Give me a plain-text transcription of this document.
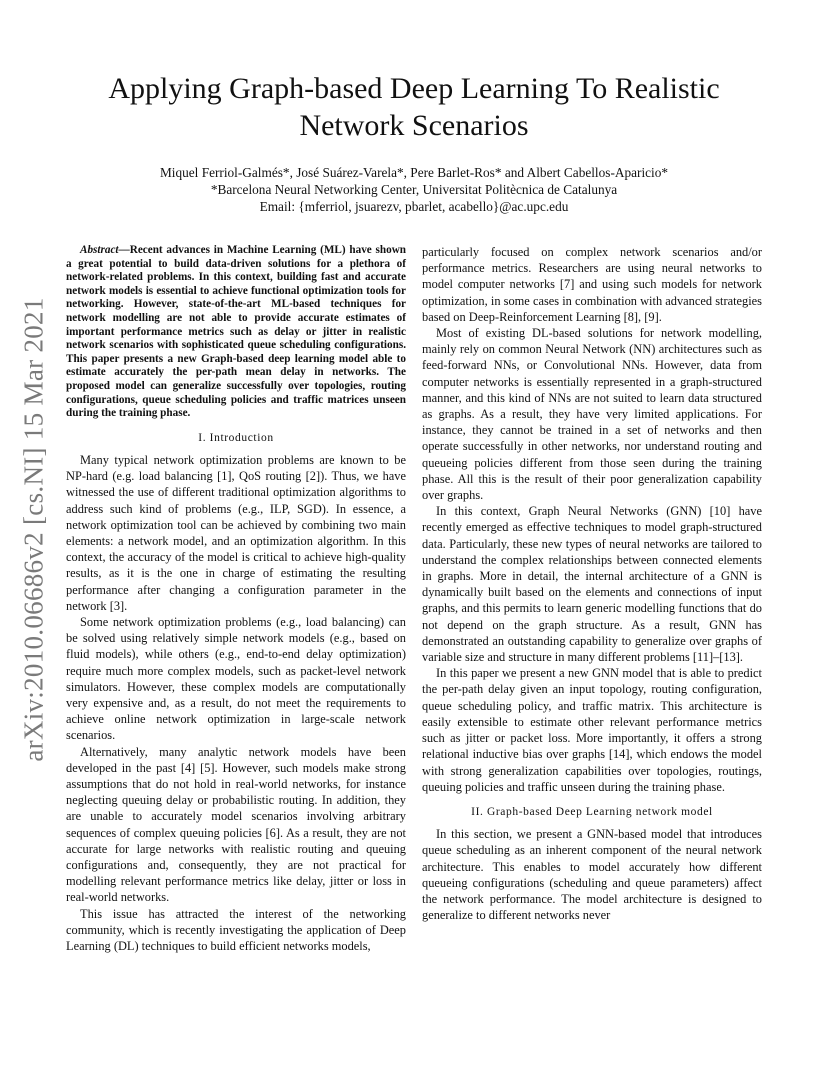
arXiv:2010.06686v2 [cs.NI] 15 Mar 2021
Applying Graph-based Deep Learning To Realistic
Network Scenarios
Miquel Ferriol-Galmés*, José Suárez-Varela*, Pere Barlet-Ros* and Albert Cabellos-Aparicio*
*Barcelona Neural Networking Center, Universitat Politècnica de Catalunya
Email: {mferriol, jsuarezv, pbarlet, acabello}@ac.upc.edu

Abstract—Recent advances in Machine Learning (ML) have shown a great potential to build data-driven solutions for a plethora of network-related problems. In this context, building fast and accurate network models is essential to achieve functional optimization tools for networking. However, state-of-the-art ML-based techniques for network modelling are not able to provide accurate estimates of important performance metrics such as delay or jitter in realistic network scenarios with sophisticated queue scheduling configurations. This paper presents a new Graph-based deep learning model able to estimate accurately the per-path mean delay in networks. The proposed model can generalize successfully over topologies, routing configurations, queue scheduling policies and traffic matrices unseen during the training phase.

I. Introduction

Many typical network optimization problems are known to be NP-hard (e.g. load balancing [1], QoS routing [2]). Thus, we have witnessed the use of different traditional optimization algorithms to address such kind of problems (e.g., ILP, SGD). In essence, a network optimization tool can be achieved by combining two main elements: a network model, and an optimization algorithm. In this context, the accuracy of the model is critical to achieve high-quality results, as it is the one in charge of estimating the resulting performance after changing a configuration parameter in the network [3].

Some network optimization problems (e.g., load balancing) can be solved using relatively simple network models (e.g., based on fluid models), while others (e.g., end-to-end delay optimization) require much more complex models, such as packet-level network simulators. However, these complex models are computationally very expensive and, as a result, do not meet the requirements to achieve online network optimization in large-scale network scenarios.

Alternatively, many analytic network models have been developed in the past [4] [5]. However, such models make strong assumptions that do not hold in real-world networks, for instance neglecting queuing delay or probabilistic routing. In addition, they are unable to accurately model scenarios involving arbitrary sequences of complex queuing policies [6]. As a result, they are not accurate for large networks with realistic routing and queuing configurations and, consequently, they are not practical for modelling relevant performance metrics like delay, jitter or loss in real-world networks.

This issue has attracted the interest of the networking community, which is recently investigating the application of Deep Learning (DL) techniques to build efficient networks models,

particularly focused on complex network scenarios and/or performance metrics. Researchers are using neural networks to model computer networks [7] and using such models for network optimization, in some cases in combination with advanced strategies based on Deep-Reinforcement Learning [8], [9].

Most of existing DL-based solutions for network modelling, mainly rely on common Neural Network (NN) architectures such as feed-forward NNs, or Convolutional NNs. However, data from computer networks is essentially represented in a graph-structured manner, and this kind of NNs are not suited to learn data structured as graphs. As a result, they have very limited applications. For instance, they cannot be trained in a set of networks and then operate successfully in other networks, nor understand routing and queueing policies different from those seen during the training phase. All this is the result of their poor generalization capability over graphs.

In this context, Graph Neural Networks (GNN) [10] have recently emerged as effective techniques to model graph-structured data. Particularly, these new types of neural networks are tailored to understand the complex relationships between connected elements in graphs. More in detail, the internal architecture of a GNN is dynamically built based on the elements and connections of input graphs, and this permits to learn generic modelling functions that do not depend on the graph structure. As a result, GNN has demonstrated an outstanding capability to generalize over graphs of variable size and structure in many different problems [11]–[13].

In this paper we present a new GNN model that is able to predict the per-path delay given an input topology, routing configuration, queue scheduling policy, and traffic matrix. This architecture is easily extensible to estimate other relevant performance metrics such as jitter or packet loss. More importantly, it offers a strong relational inductive bias over graphs [14], which endows the model with strong generalization capabilities over topologies, routings, queuing policies and traffic unseen during the training phase.

II. Graph-based Deep Learning network model

In this section, we present a GNN-based model that introduces queue scheduling as an inherent component of the neural network architecture. This enables to model accurately how different queueing configurations (scheduling and queue parameters) affect the network performance. The model architecture is designed to generalize to different networks never
